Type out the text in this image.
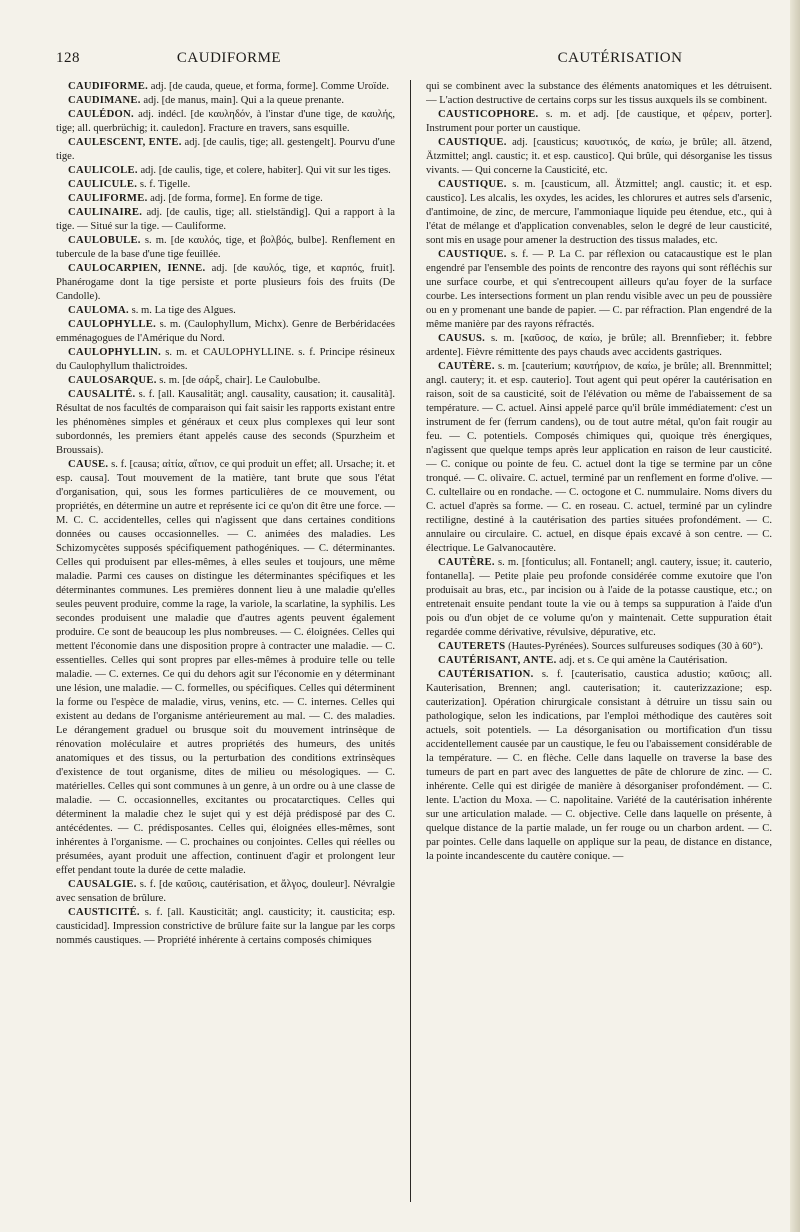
128	CAUDIFORME	CAUTÉRISATION

CAUDIFORME. adj. [de cauda, queue, et forma, forme]. Comme Uroïde.

CAUDIMANE. adj. [de manus, main]. Qui a la queue prenante.

CAULÉDON. adj. indécl. [de καυληδόν, à l'instar d'une tige, de καυλής, tige; all. querbrüchig; it. cauledon]. Fracture en travers, sans esquille.

CAULESCENT, ENTE. adj. [de caulis, tige; all. gestengelt]. Pourvu d'une tige.

CAULICOLE. adj. [de caulis, tige, et colere, habiter]. Qui vit sur les tiges.

CAULICULE. s. f. Tigelle.

CAULIFORME. adj. [de forma, forme]. En forme de tige.

CAULINAIRE. adj. [de caulis, tige; all. stielständig]. Qui a rapport à la tige. — Situé sur la tige. — Cauliforme.

CAULOBULE. s. m. [de καυλός, tige, et βολβός, bulbe]. Renflement en tubercule de la base d'une tige feuillée.

CAULOCARPIEN, IENNE. adj. [de καυλός, tige, et καρπός, fruit]. Phanérogame dont la tige persiste et porte plusieurs fois des fruits (De Candolle).

CAULOMA. s. m. La tige des Algues.

CAULOPHYLLE. s. m. (Caulophyllum, Michx). Genre de Berbéridacées emménagogues de l'Amérique du Nord.

CAULOPHYLLIN. s. m. et CAULOPHYLLINE. s. f. Principe résineux du Caulophyllum thalictroides.

CAULOSARQUE. s. m. [de σάρξ, chair]. Le Caulobulbe.

CAUSALITÉ. s. f. [all. Kausalität; angl. causality, causation; it. causalità]. Résultat de nos facultés de comparaison qui fait saisir les rapports existant entre les phénomènes simples et généraux et ceux plus complexes qui leur sont subordonnés, les premiers étant appelés cause des seconds (Spurzheim et Broussais).

CAUSE. s. f. [causa; αἰτία, αἴτιον, ce qui produit un effet; all. Ursache; it. et esp. causa]. Tout mouvement de la matière, tant brute que sous l'état d'organisation, qui, sous les formes particulières de ce mouvement, ou propriétés, en détermine un autre et représente ici ce qu'on dit être une force. — M. C. C. accidentelles, celles qui n'agissent que dans certaines conditions données ou causes occasionnelles. — C. animées des maladies. Les Schizomycètes supposés spécifiquement pathogéniques. — C. déterminantes. Celles qui produisent par elles-mêmes, à elles seules et toujours, une même maladie. Parmi ces causes on distingue les déterminantes spécifiques et les déterminantes communes. Les premières donnent lieu à une maladie qu'elles seules peuvent produire, comme la rage, la variole, la scarlatine, la syphilis. Les secondes produisent une maladie que d'autres agents peuvent également produire. Ce sont de beaucoup les plus nombreuses. — C. éloignées. Celles qui mettent l'économie dans une disposition propre à contracter une maladie. — C. essentielles. Celles qui sont propres par elles-mêmes à produire telle ou telle maladie. — C. externes. Ce qui du dehors agit sur l'économie en y déterminant une lésion, une maladie. — C. formelles, ou spécifiques. Celles qui déterminent la forme ou l'espèce de maladie, virus, venins, etc. — C. internes. Celles qui existent au dedans de l'organisme antérieurement au mal. — C. des maladies. Le dérangement graduel ou brusque soit du mouvement intrinsèque de rénovation moléculaire et autres propriétés des humeurs, des unités anatomiques et des tissus, ou la perturbation des conditions extrinsèques d'existence de tout organisme, dites de milieu ou mésologiques. — C. matérielles. Celles qui sont communes à un genre, à un ordre ou à une classe de maladie. — C. occasionnelles, excitantes ou procatarctiques. Celles qui déterminent la maladie chez le sujet qui y est déjà prédisposé par des C. antécédentes. — C. prédisposantes. Celles qui, éloignées elles-mêmes, sont inhérentes à l'organisme. — C. prochaines ou conjointes. Celles qui réelles ou présumées, ayant produit une affection, continuent d'agir et prolongent leur effet pendant toute la durée de cette maladie.

CAUSALGIE. s. f. [de καῦσις, cautérisation, et ἄλγος, douleur]. Névralgie avec sensation de brûlure.

CAUSTICITÉ. s. f. [all. Kausticität; angl. causticity; it. causticita; esp. causticidad]. Impression constrictive de brûlure faite sur la langue par les corps nommés caustiques. — Propriété inhérente à certains composés chimiques

qui se combinent avec la substance des éléments anatomiques et les détruisent. — L'action destructive de certains corps sur les tissus auxquels ils se combinent.

CAUSTICOPHORE. s. m. et adj. [de caustique, et φέρειν, porter]. Instrument pour porter un caustique.

CAUSTIQUE. adj. [causticus; καυστικός, de καίω, je brûle; all. ätzend, Ätzmittel; angl. caustic; it. et esp. caustico]. Qui brûle, qui désorganise les tissus vivants. — Qui concerne la Causticité, etc.

CAUSTIQUE. s. m. [causticum, all. Ätzmittel; angl. caustic; it. et esp. caustico]. Les alcalis, les oxydes, les acides, les chlorures et autres sels d'arsenic, d'antimoine, de zinc, de mercure, l'ammoniaque liquide peu étendue, etc., qui à l'état de mélange et d'application convenables, selon le degré de leur causticité, sont mis en usage pour amener la destruction des tissus malades, etc.

CAUSTIQUE. s. f. — P. La C. par réflexion ou catacaustique est le plan engendré par l'ensemble des points de rencontre des rayons qui sont réfléchis sur une surface courbe, et qui s'entrecoupent ailleurs qu'au foyer de la surface courbe. Les intersections forment un plan rendu visible avec un peu de poussière ou en y promenant une bande de papier. — C. par réfraction. Plan engendré de la même manière par des rayons réfractés.

CAUSUS. s. m. [καῦσος, de καίω, je brûle; all. Brennfieber; it. febbre ardente]. Fièvre rémittente des pays chauds avec accidents gastriques.

CAUTÈRE. s. m. [cauterium; καυτήριον, de καίω, je brûle; all. Brennmittel; angl. cautery; it. et esp. cauterio]. Tout agent qui peut opérer la cautérisation en raison, soit de sa causticité, soit de l'élévation ou même de l'abaissement de sa température. — C. actuel. Ainsi appelé parce qu'il brûle immédiatement: c'est un instrument de fer (ferrum candens), ou de tout autre métal, qu'on fait rougir au feu. — C. potentiels. Composés chimiques qui, quoique très énergiques, n'agissent que quelque temps après leur application en raison de leur causticité. — C. conique ou pointe de feu. C. actuel dont la tige se termine par un cône tronqué. — C. olivaire. C. actuel, terminé par un renflement en forme d'olive. — C. cultellaire ou en rondache. — C. octogone et C. nummulaire. Noms divers du C. actuel d'après sa forme. — C. en roseau. C. actuel, terminé par un cylindre rectiligne, destiné à la cautérisation des parties situées profondément. — C. annulaire ou circulaire. C. actuel, en disque épais excavé à son centre. — C. électrique. Le Galvanocautère.

CAUTÈRE. s. m. [fonticulus; all. Fontanell; angl. cautery, issue; it. cauterio, fontanella]. — Petite plaie peu profonde considérée comme exutoire que l'on produisait au bras, etc., par incision ou à l'aide de la potasse caustique, etc.; on entretenait ensuite pendant toute la vie ou à temps sa suppuration à l'aide d'un pois ou d'un objet de ce volume qu'on y maintenait. Cette suppuration était regardée comme dérivative, révulsive, dépurative, etc.

CAUTERETS (Hautes-Pyrénées). Sources sulfureuses sodiques (30 à 60°).

CAUTÉRISANT, ANTE. adj. et s. Ce qui amène la Cautérisation.

CAUTÉRISATION. s. f. [cauterisatio, caustica adustio; καῦσις; all. Kauterisation, Brennen; angl. cauterisation; it. cauterizzazione; esp. cauterization]. Opération chirurgicale consistant à détruire un tissu sain ou pathologique, selon les indications, par l'emploi méthodique des cautères soit actuels, soit potentiels. — La désorganisation ou mortification d'un tissu accidentellement causée par un caustique, le feu ou l'abaissement considérable de la température. — C. en flèche. Celle dans laquelle on traverse la base des tumeurs de part en part avec des languettes de pâte de chlorure de zinc. — C. inhérente. Celle qui est dirigée de manière à désorganiser profondément. — C. lente. L'action du Moxa. — C. napolitaine. Variété de la cautérisation inhérente sur une articulation malade. — C. objective. Celle dans laquelle on présente, à quelque distance de la partie malade, un fer rouge ou un charbon ardent. — C. par pointes. Celle dans laquelle on applique sur la peau, de distance en distance, la pointe incandescente du cautère conique. —
